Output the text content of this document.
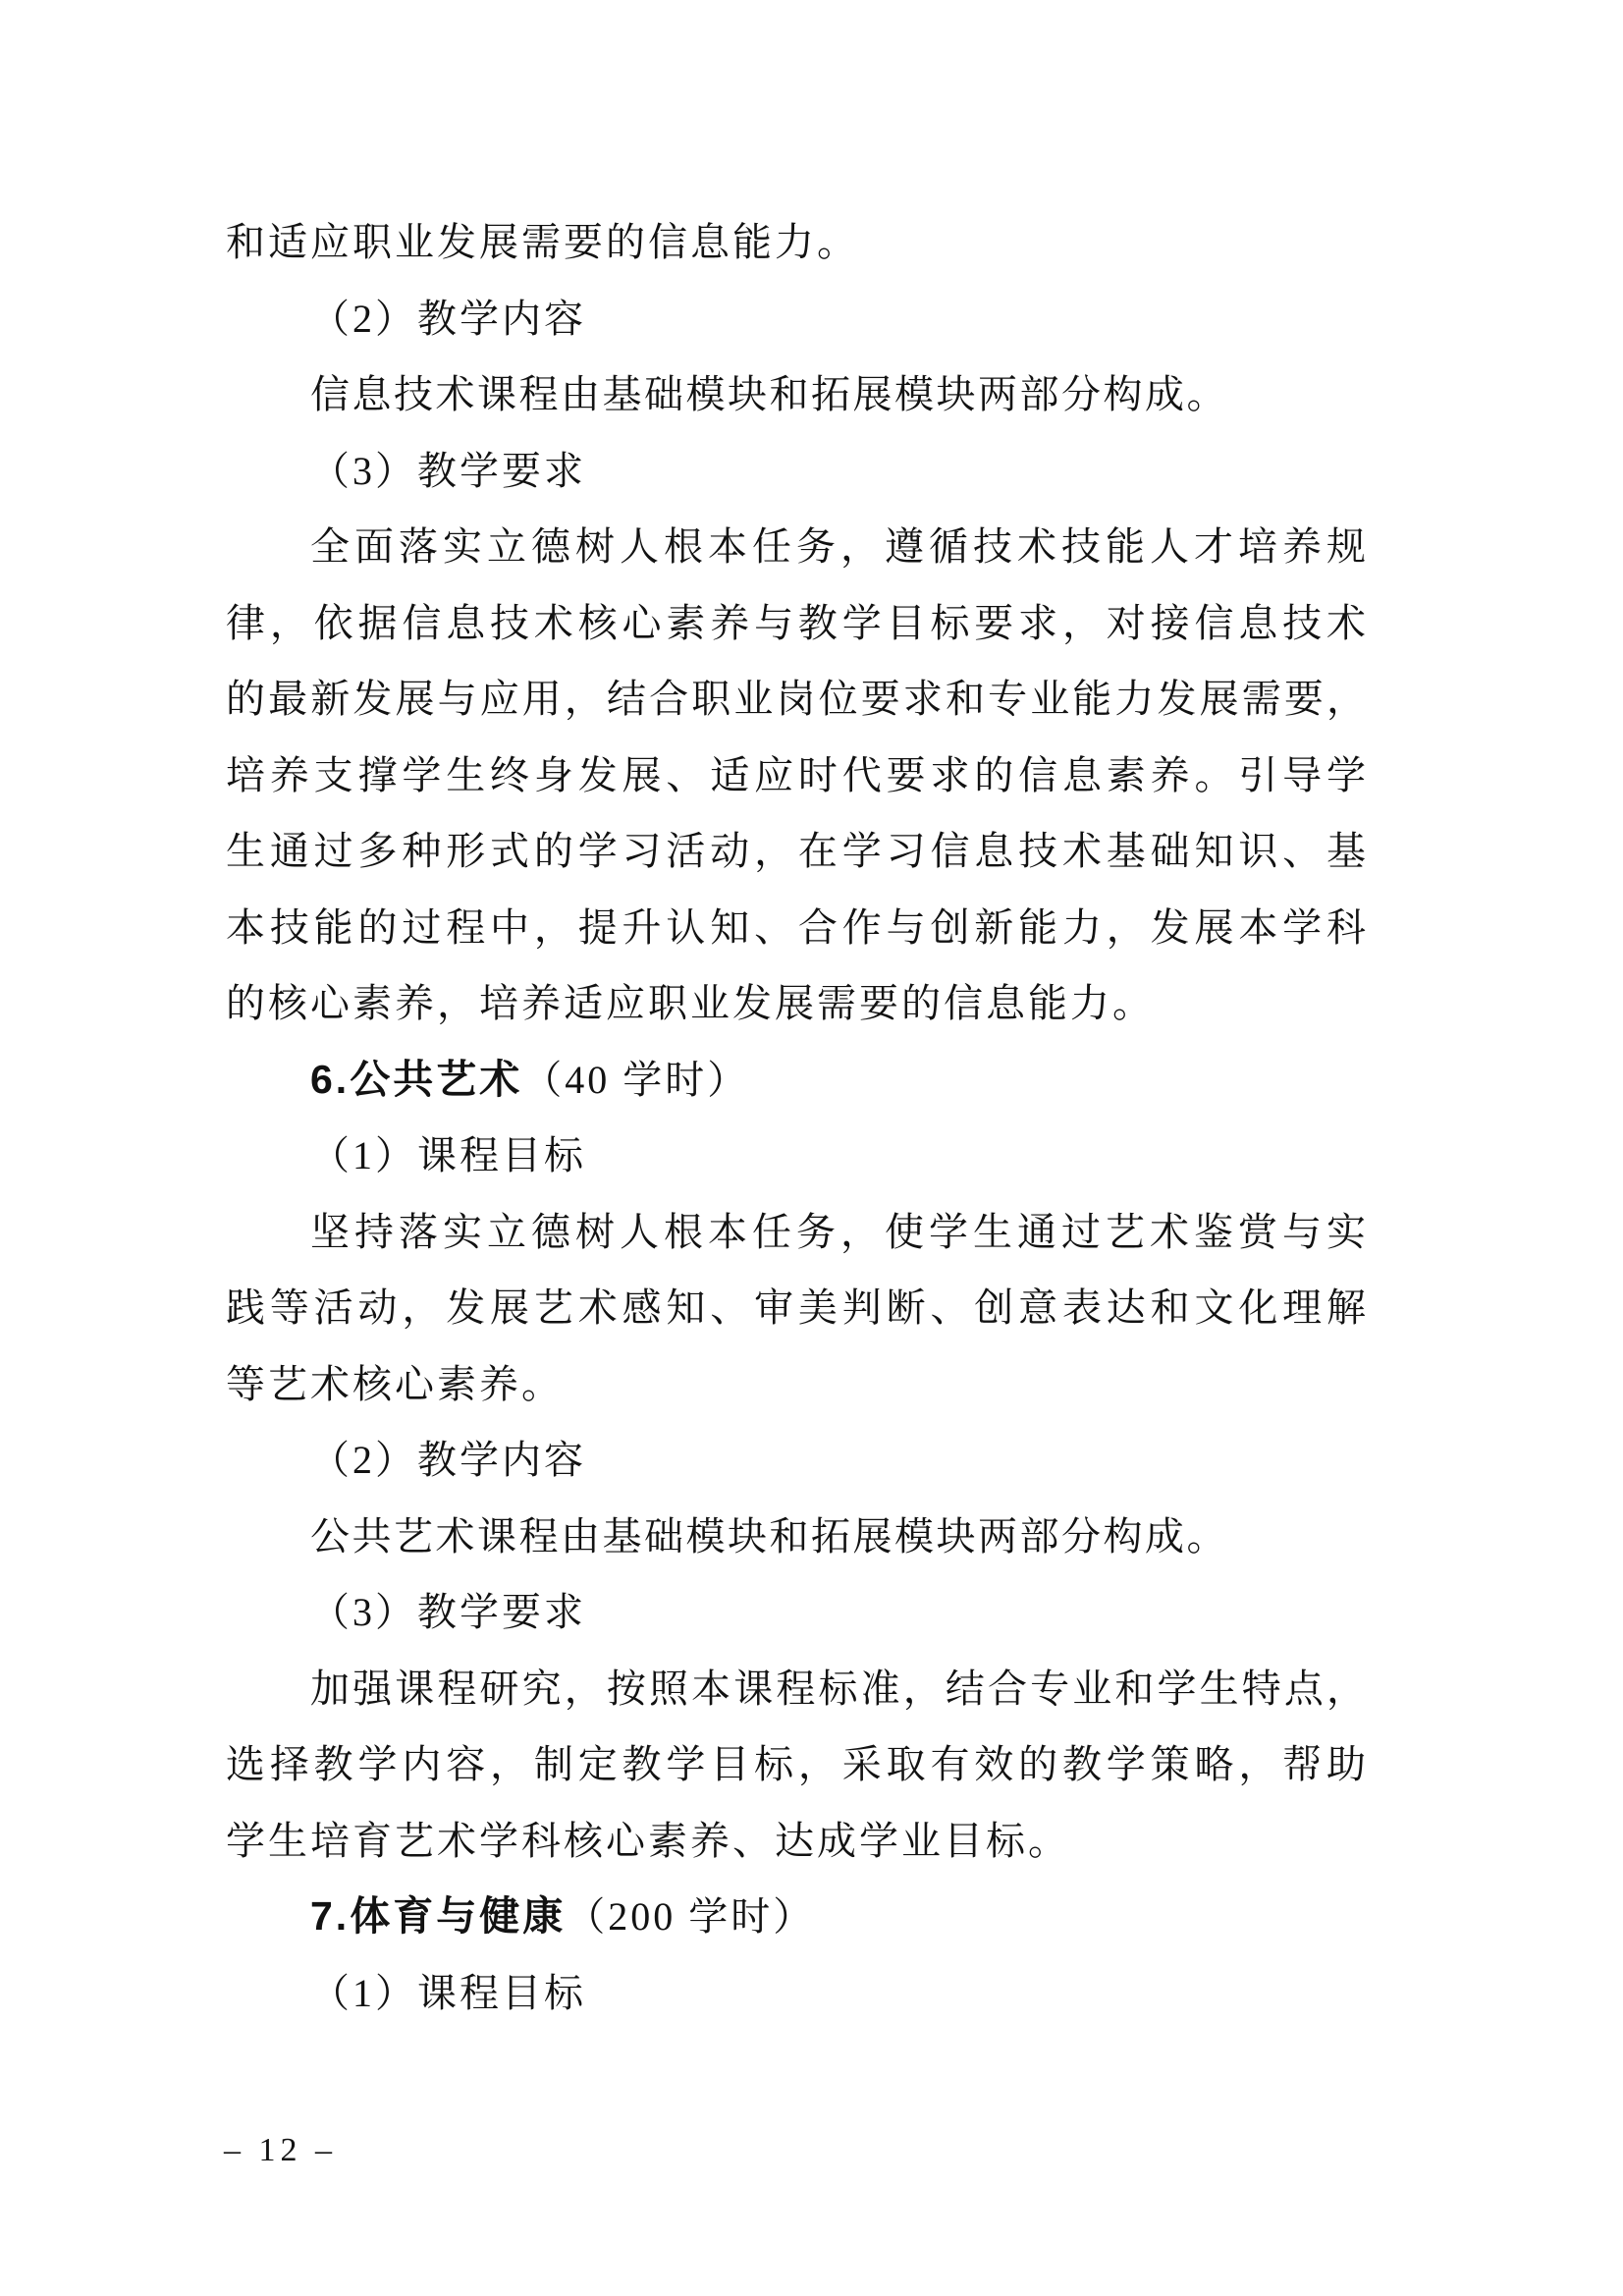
和适应职业发展需要的信息能力。
（2）教学内容
信息技术课程由基础模块和拓展模块两部分构成。
（3）教学要求
全面落实立德树人根本任务，遵循技术技能人才培养规
律，依据信息技术核心素养与教学目标要求，对接信息技术
的最新发展与应用，结合职业岗位要求和专业能力发展需要，
培养支撑学生终身发展、适应时代要求的信息素养。引导学
生通过多种形式的学习活动，在学习信息技术基础知识、基
本技能的过程中，提升认知、合作与创新能力，发展本学科
的核心素养，培养适应职业发展需要的信息能力。
6.公共艺术（40 学时）
（1）课程目标
坚持落实立德树人根本任务，使学生通过艺术鉴赏与实
践等活动，发展艺术感知、审美判断、创意表达和文化理解
等艺术核心素养。
（2）教学内容
公共艺术课程由基础模块和拓展模块两部分构成。
（3）教学要求
加强课程研究，按照本课程标准，结合专业和学生特点，
选择教学内容，制定教学目标，采取有效的教学策略，帮助
学生培育艺术学科核心素养、达成学业目标。
7.体育与健康（200 学时）
（1）课程目标
– 12 –
